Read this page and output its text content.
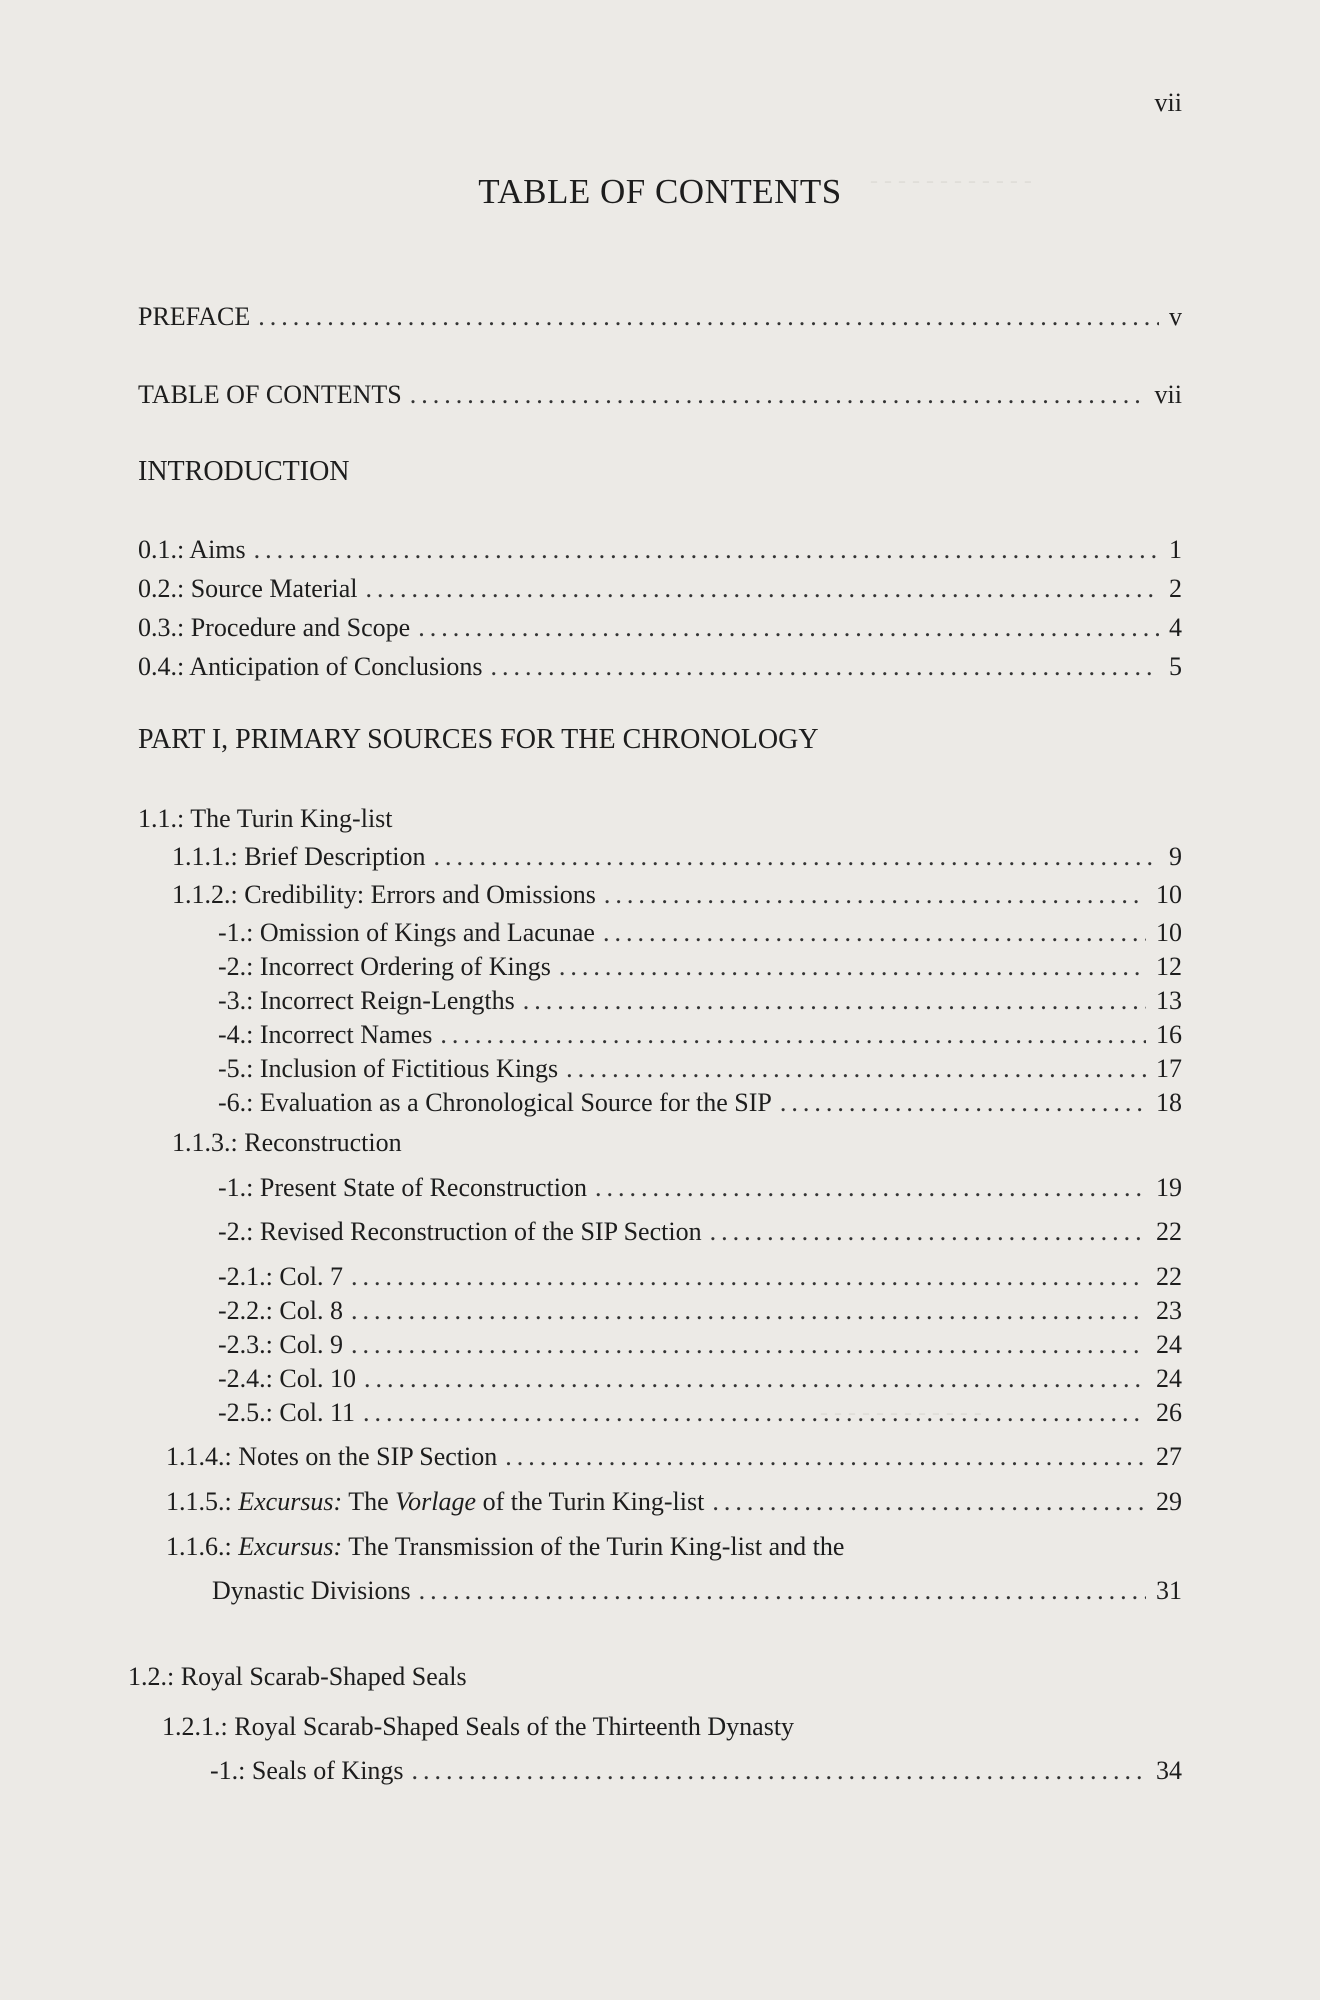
vii
TABLE OF CONTENTS	- - - - - - - - - - - -
- - - - - - - - - - - -
PREFACE .....	v
TABLE OF CONTENTS .....	vii
INTRODUCTION
0.1.: Aims .....	1
0.2.: Source Material .....	2
0.3.: Procedure and Scope .....	4
0.4.: Anticipation of Conclusions .....	5
PART I, PRIMARY SOURCES FOR THE CHRONOLOGY
1.1.: The Turin King-list
1.1.1.: Brief Description .....	9
1.1.2.: Credibility: Errors and Omissions .....	10
-1.: Omission of Kings and Lacunae .....	10
-2.: Incorrect Ordering of Kings .....	12
-3.: Incorrect Reign-Lengths .....	13
-4.: Incorrect Names .....	16
-5.: Inclusion of Fictitious Kings .....	17
-6.: Evaluation as a Chronological Source for the SIP .....	18
1.1.3.: Reconstruction
-1.: Present State of Reconstruction .....	19
-2.: Revised Reconstruction of the SIP Section .....	22
-2.1.: Col. 7 .....	22
-2.2.: Col. 8 .....	23
-2.3.: Col. 9 .....	24
-2.4.: Col. 10 .....	24
-2.5.: Col. 11 .....	26
1.1.4.: Notes on the SIP Section .....	27
1.1.5.: Excursus: The Vorlage of the Turin King-list .....	29
1.1.6.: Excursus: The Transmission of the Turin King-list and the
Dynastic Divisions .....	31
1.2.: Royal Scarab-Shaped Seals
1.2.1.: Royal Scarab-Shaped Seals of the Thirteenth Dynasty
-1.: Seals of Kings .....	34
